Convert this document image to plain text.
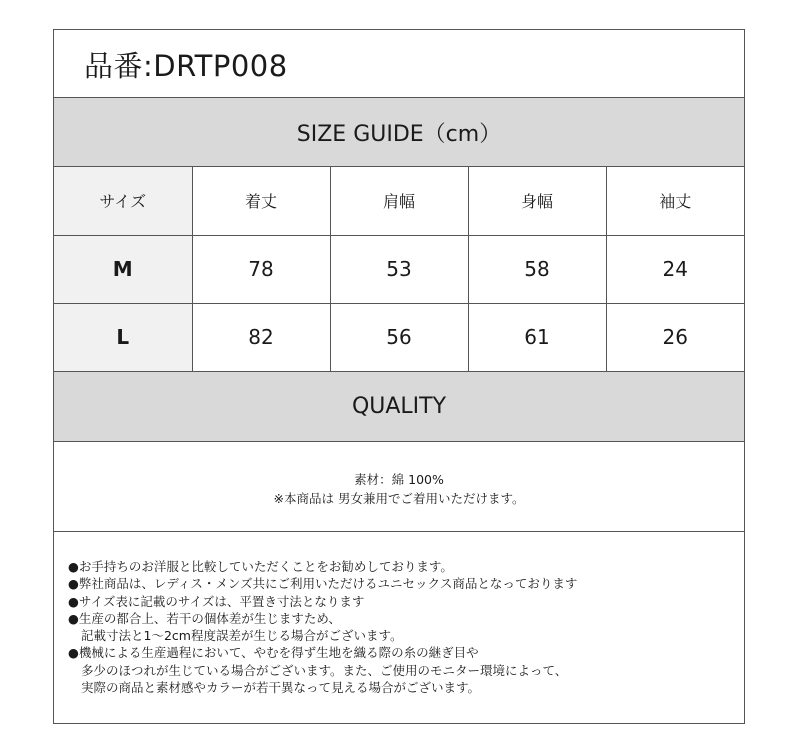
品番:DRTP008
SIZE GUIDE（cm）
サイズ	着丈	肩幅	身幅	袖丈
M	78	53	58	24
L	82	56	61	26
QUALITY
素材：綿 100%
※本商品は 男女兼用でご着用いただけます。
●お手持ちのお洋服と比較していただくことをお勧めしております。
●弊社商品は、レディス・メンズ共にご利用いただけるユニセックス商品となっております
●サイズ表に記載のサイズは、平置き寸法となります
●生産の都合上、若干の個体差が生じますため、
記載寸法と1～2cm程度誤差が生じる場合がございます。
●機械による生産過程において、やむを得ず生地を織る際の糸の継ぎ目や
多少のほつれが生じている場合がございます。また、ご使用のモニター環境によって、
実際の商品と素材感やカラーが若干異なって見える場合がございます。
